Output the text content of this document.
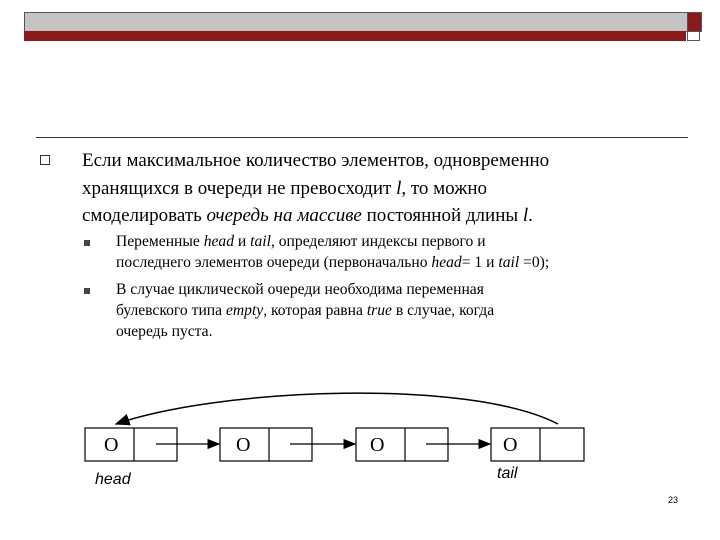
Если максимальное количество элементов, одновременно
хранящихся в очереди не превосходит l, то можно
смоделировать очередь на массиве постоянной длины l.
Переменные head и tail, определяют индексы первого и
последнего элементов очереди (первоначально head= 1 и tail =0);
В случае циклической очереди необходима переменная
булевского типа empty, которая равна true в случае, когда
очередь пуста.
O	O	O	O
head	tail
23
